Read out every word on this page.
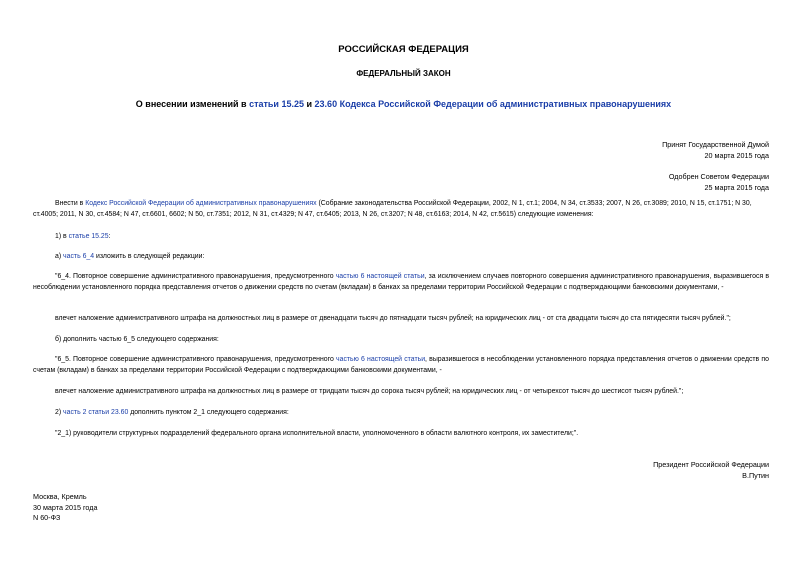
РОССИЙСКАЯ ФЕДЕРАЦИЯ
ФЕДЕРАЛЬНЫЙ ЗАКОН
О внесении изменений в статьи 15.25 и 23.60 Кодекса Российской Федерации об административных правонарушениях
Принят Государственной Думой
20 марта 2015 года
Одобрен Советом Федерации
25 марта 2015 года
Внести в Кодекс Российской Федерации об административных правонарушениях (Собрание законодательства Российской Федерации, 2002, N 1, ст.1; 2004, N 34, ст.3533; 2007, N 26, ст.3089; 2010, N 15, ст.1751; N 30, ст.4005; 2011, N 30, ст.4584; N 47, ст.6601, 6602; N 50, ст.7351; 2012, N 31, ст.4329; N 47, ст.6405; 2013, N 26, ст.3207; N 48, ст.6163; 2014, N 42, ст.5615) следующие изменения:
1) в статье 15.25:
а) часть 6_4 изложить в следующей редакции:
"6_4. Повторное совершение административного правонарушения, предусмотренного частью 6 настоящей статьи, за исключением случаев повторного совершения административного правонарушения, выразившегося в несоблюдении установленного порядка представления отчетов о движении средств по счетам (вкладам) в банках за пределами территории Российской Федерации с подтверждающими банковскими документами, -
влечет наложение административного штрафа на должностных лиц в размере от двенадцати тысяч до пятнадцати тысяч рублей; на юридических лиц - от ста двадцати тысяч до ста пятидесяти тысяч рублей.";
б) дополнить частью 6_5 следующего содержания:
"6_5. Повторное совершение административного правонарушения, предусмотренного частью 6 настоящей статьи, выразившегося в несоблюдении установленного порядка представления отчетов о движении средств по счетам (вкладам) в банках за пределами территории Российской Федерации с подтверждающими банковскими документами, -
влечет наложение административного штрафа на должностных лиц в размере от тридцати тысяч до сорока тысяч рублей; на юридических лиц - от четырехсот тысяч до шестисот тысяч рублей.";
2) часть 2 статьи 23.60 дополнить пунктом 2_1 следующего содержания:
"2_1) руководители структурных подразделений федерального органа исполнительной власти, уполномоченного в области валютного контроля, их заместители;".
Президент Российской Федерации
В.Путин
Москва, Кремль
30 марта 2015 года
N 60-ФЗ
